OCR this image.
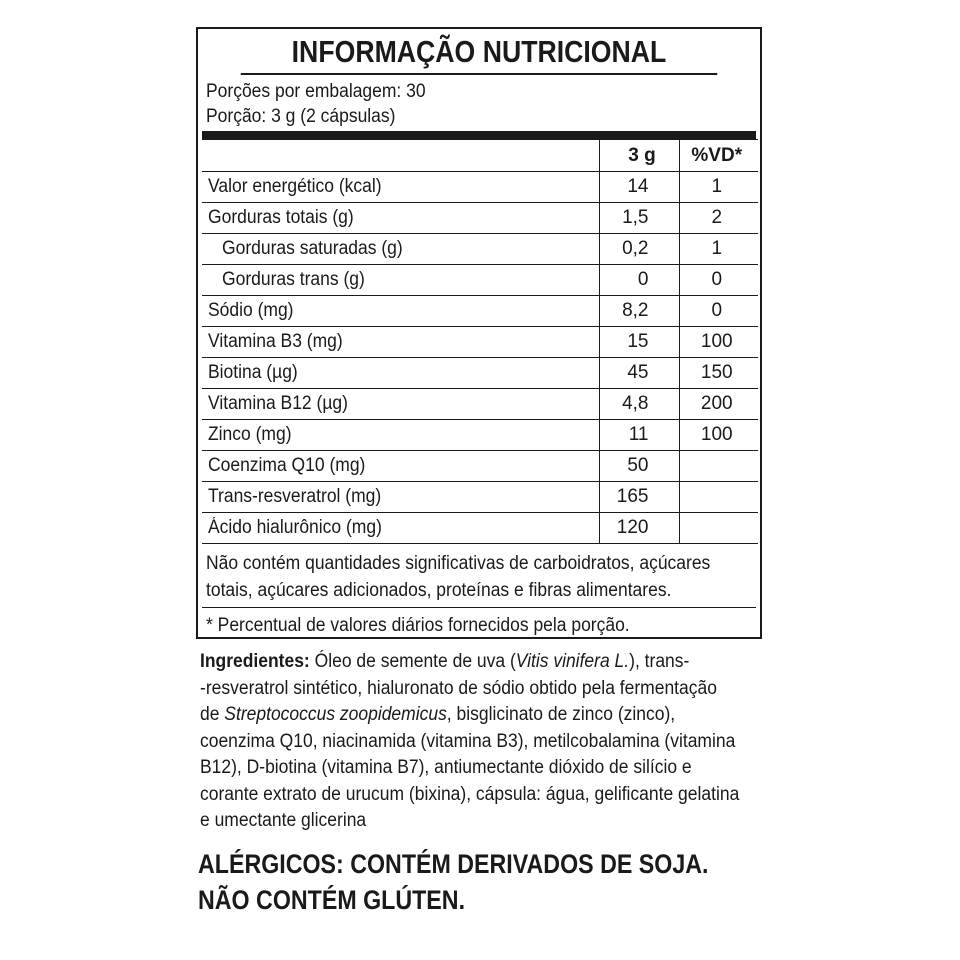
INFORMAÇÃO NUTRICIONAL
Porções por embalagem: 30
Porção: 3 g (2 cápsulas)
	3 g	%VD*
Valor energético (kcal)	14	1
Gorduras totais (g)	1,5	2
Gorduras saturadas (g)	0,2	1
Gorduras trans (g)	0	0
Sódio (mg)	8,2	0
Vitamina B3 (mg)	15	100
Biotina (µg)	45	150
Vitamina B12 (µg)	4,8	200
Zinco (mg)	11	100
Coenzima Q10 (mg)	50	
Trans-resveratrol (mg)	165	
Ácido hialurônico (mg)	120	
Não contém quantidades significativas de carboidratos, açúcares
totais, açúcares adicionados, proteínas e fibras alimentares.
* Percentual de valores diários fornecidos pela porção.
Ingredientes: Óleo de semente de uva (Vitis vinifera L.), trans-
-resveratrol sintético, hialuronato de sódio obtido pela fermentação
de Streptococcus zoopidemicus, bisglicinato de zinco (zinco),
coenzima Q10, niacinamida (vitamina B3), metilcobalamina (vitamina
B12), D-biotina (vitamina B7), antiumectante dióxido de silício e
corante extrato de urucum (bixina), cápsula: água, gelificante gelatina
e umectante glicerina
ALÉRGICOS: CONTÉM DERIVADOS DE SOJA.
NÃO CONTÉM GLÚTEN.
